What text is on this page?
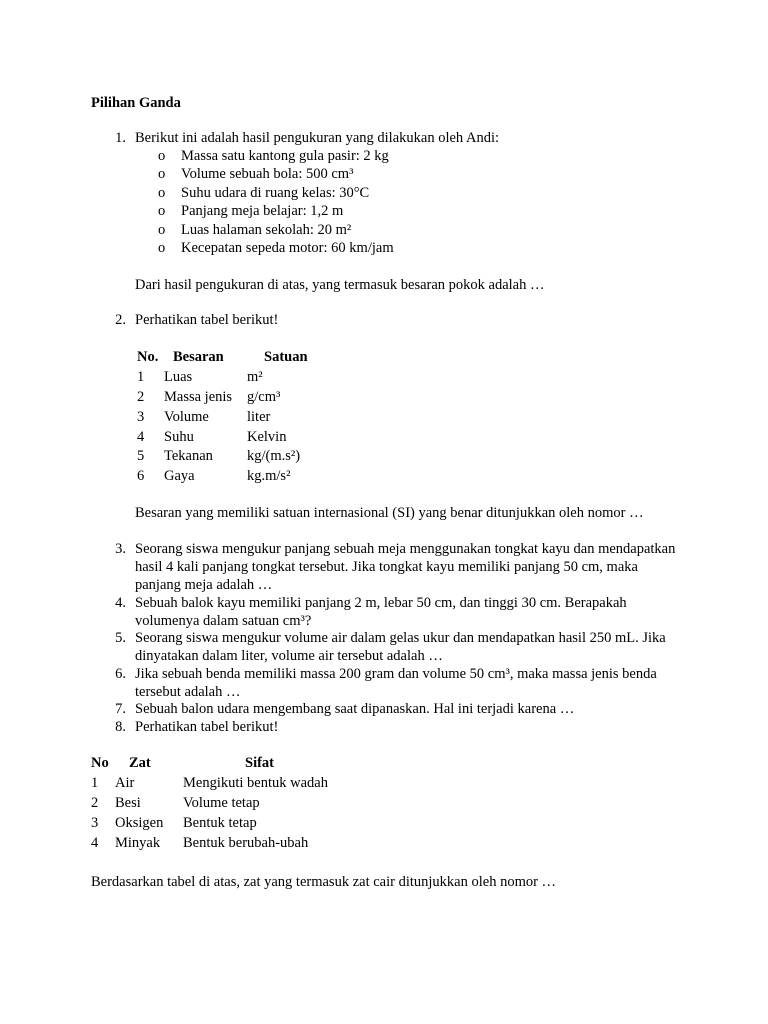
Pilihan Ganda
1. Berikut ini adalah hasil pengukuran yang dilakukan oleh Andi:
o Massa satu kantong gula pasir: 2 kg
o Volume sebuah bola: 500 cm³
o Suhu udara di ruang kelas: 30°C
o Panjang meja belajar: 1,2 m
o Luas halaman sekolah: 20 m²
o Kecepatan sepeda motor: 60 km/jam
Dari hasil pengukuran di atas, yang termasuk besaran pokok adalah …
2. Perhatikan tabel berikut!
No.	Besaran	Satuan
1	Luas	m²
2	Massa jenis	g/cm³
3	Volume	liter
4	Suhu	Kelvin
5	Tekanan	kg/(m.s²)
6	Gaya	kg.m/s²
Besaran yang memiliki satuan internasional (SI) yang benar ditunjukkan oleh nomor …
3. Seorang siswa mengukur panjang sebuah meja menggunakan tongkat kayu dan mendapatkan hasil 4 kali panjang tongkat tersebut. Jika tongkat kayu memiliki panjang 50 cm, maka panjang meja adalah …
4. Sebuah balok kayu memiliki panjang 2 m, lebar 50 cm, dan tinggi 30 cm. Berapakah volumenya dalam satuan cm³?
5. Seorang siswa mengukur volume air dalam gelas ukur dan mendapatkan hasil 250 mL. Jika dinyatakan dalam liter, volume air tersebut adalah …
6. Jika sebuah benda memiliki massa 200 gram dan volume 50 cm³, maka massa jenis benda tersebut adalah …
7. Sebuah balon udara mengembang saat dipanaskan. Hal ini terjadi karena …
8. Perhatikan tabel berikut!
No	Zat	Sifat
1	Air	Mengikuti bentuk wadah
2	Besi	Volume tetap
3	Oksigen	Bentuk tetap
4	Minyak	Bentuk berubah-ubah
Berdasarkan tabel di atas, zat yang termasuk zat cair ditunjukkan oleh nomor …
